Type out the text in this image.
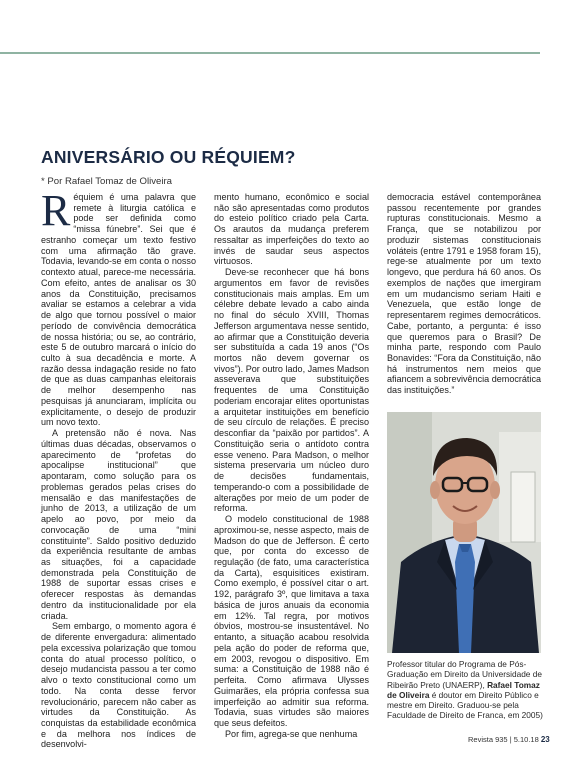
ANIVERSÁRIO OU RÉQUIEM?
* Por Rafael Tomaz de Oliveira

Réquiem é uma palavra que remete à liturgia católica e pode ser definida como “missa fúnebre”. Sei que é estranho começar um texto festivo com uma afirmação tão grave. Todavia, levando-se em conta o nosso contexto atual, parece-me necessária. Com efeito, antes de analisar os 30 anos da Constituição, precisamos avaliar se estamos a celebrar a vida de algo que tornou possível o maior período de convivência democrática de nossa história; ou se, ao contrário, este 5 de outubro marcará o início do culto à sua decadência e morte. A razão dessa indagação reside no fato de que as duas campanhas eleitorais de melhor desempenho nas pesquisas já anunciaram, implícita ou explicitamente, o desejo de produzir um novo texto.

A pretensão não é nova. Nas últimas duas décadas, observamos o aparecimento de “profetas do apocalipse institucional” que apontaram, como solução para os problemas gerados pelas crises do mensalão e das manifestações de junho de 2013, a utilização de um apelo ao povo, por meio da convocação de uma “mini constituinte”. Saldo positivo deduzido da experiência resultante de ambas as situações, foi a capacidade demonstrada pela Constituição de 1988 de suportar essas crises e oferecer respostas às demandas dentro da institucionalidade por ela criada.

Sem embargo, o momento agora é de diferente envergadura: alimentado pela excessiva polarização que tomou conta do atual processo político, o desejo mudancista passou a ter como alvo o texto constitucional como um todo. Na conta desse fervor revolucionário, parecem não caber as virtudes da Constituição. As conquistas da estabilidade econômica e da melhora nos índices de desenvolvi-

mento humano, econômico e social não são apresentadas como produtos do esteio político criado pela Carta. Os arautos da mudança preferem ressaltar as imperfeições do texto ao invés de saudar seus aspectos virtuosos.

Deve-se reconhecer que há bons argumentos em favor de revisões constitucionais mais amplas. Em um célebre debate levado a cabo ainda no final do século XVIII, Thomas Jefferson argumentava nesse sentido, ao afirmar que a Constituição deveria ser substituída a cada 19 anos (“Os mortos não devem governar os vivos”). Por outro lado, James Madson asseverava que substituições frequentes de uma Constituição poderiam encorajar elites oportunistas a arquitetar instituições em benefício de seu círculo de relações. É preciso desconfiar da “paixão por partidos”. A Constituição seria o antídoto contra esse veneno. Para Madson, o melhor sistema preservaria um núcleo duro de decisões fundamentais, temperando-o com a possibilidade de alterações por meio de um poder de reforma.

O modelo constitucional de 1988 aproximou-se, nesse aspecto, mais de Madson do que de Jefferson. É certo que, por conta do excesso de regulação (de fato, uma característica da Carta), esquisitices existiram. Como exemplo, é possível citar o art. 192, parágrafo 3º, que limitava a taxa básica de juros anuais da economia em 12%. Tal regra, por motivos óbvios, mostrou-se insustentável. No entanto, a situação acabou resolvida pela ação do poder de reforma que, em 2003, revogou o dispositivo. Em suma: a Constituição de 1988 não é perfeita. Como afirmava Ulysses Guimarães, ela própria confessa sua imperfeição ao admitir sua reforma. Todavia, suas virtudes são maiores que seus defeitos.

Por fim, agrega-se que nenhuma

democracia estável contemporânea passou recentemente por grandes rupturas constitucionais. Mesmo a França, que se notabilizou por produzir sistemas constitucionais voláteis (entre 1791 e 1958 foram 15), rege-se atualmente por um texto longevo, que perdura há 60 anos. Os exemplos de nações que imergiram em um mudancismo seriam Haiti e Venezuela, que estão longe de representarem regimes democráticos. Cabe, portanto, a pergunta: é isso que queremos para o Brasil? De minha parte, respondo com Paulo Bonavides: “Fora da Constituição, não há instrumentos nem meios que afiancem a sobrevivência democrática das instituições.”

Professor titular do Programa de Pós-Graduação em Direito da Universidade de Ribeirão Preto (UNAERP), Rafael Tomaz de Oliveira é doutor em Direito Público e mestre em Direito. Graduou-se pela Faculdade de Direito de Franca, em 2005)
Revista 935 | 5.10.18 23
